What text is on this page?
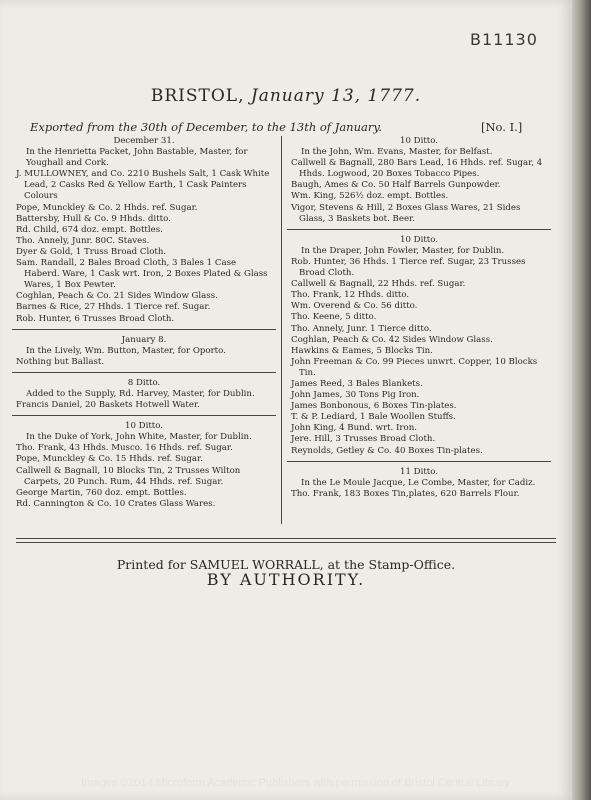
B11130
BRISTOL, January 13, 1777.
Exported from the 30th of December, to the 13th of January.	[No. I.]
December 31.
In the Henrietta Packet, John Bastable, Master, for Youghall and Cork.
J. MULLOWNEY, and Co. 2210 Bushels Salt, 1 Cask White Lead, 2 Casks Red & Yellow Earth, 1 Cask Painters Colours
Pope, Munckley & Co. 2 Hhds. ref. Sugar.
Battersby, Hull & Co. 9 Hhds. ditto.
Rd. Child, 674 doz. empt. Bottles.
Tho. Annely, Junr. 80C. Staves.
Dyer & Gold, 1 Truss Broad Cloth.
Sam. Randall, 2 Bales Broad Cloth, 3 Bales 1 Case Haberd. Ware, 1 Cask wrt. Iron, 2 Boxes Plated & Glass Wares, 1 Box Pewter.
Coghlan, Peach & Co. 21 Sides Window Glass.
Barnes & Rice, 27 Hhds. 1 Tierce ref. Sugar.
Rob. Hunter, 6 Trusses Broad Cloth.
January 8.
In the Lively, Wm. Button, Master, for Oporto.
Nothing but Ballast.
8 Ditto.
Added to the Supply, Rd. Harvey, Master, for Dublin.
Francis Daniel, 20 Baskets Hotwell Water.
10 Ditto.
In the Duke of York, John White, Master, for Dublin.
Tho. Frank, 43 Hhds. Musco. 16 Hhds. ref. Sugar.
Pope, Munckley & Co. 15 Hhds. ref. Sugar.
Callwell & Bagnall, 10 Blocks Tin, 2 Trusses Wilton Carpets, 20 Punch. Rum, 44 Hhds. ref. Sugar.
George Martin, 760 doz. empt. Bottles.
Rd. Cannington & Co. 10 Crates Glass Wares.
10 Ditto.
In the John, Wm. Evans, Master, for Belfast.
Callwell & Bagnall, 280 Bars Lead, 16 Hhds. ref. Sugar, 4 Hhds. Logwood, 20 Boxes Tobacco Pipes.
Baugh, Ames & Co. 50 Half Barrels Gunpowder.
Wm. King, 526½ doz. empt. Bottles.
Vigor, Stevens & Hill, 2 Boxes Glass Wares, 21 Sides Glass, 3 Baskets bot. Beer.
10 Ditto.
In the Draper, John Fowler, Master, for Dublin.
Rob. Hunter, 36 Hhds. 1 Tierce ref. Sugar, 23 Trusses Broad Cloth.
Callwell & Bagnall, 22 Hhds. ref. Sugar.
Tho. Frank, 12 Hhds. ditto.
Wm. Overend & Co. 56 ditto.
Tho. Keene, 5 ditto.
Tho. Annely, Junr. 1 Tierce ditto.
Coghlan, Peach & Co. 42 Sides Window Glass.
Hawkins & Eames, 5 Blocks Tin.
John Freeman & Co. 99 Pieces unwrt. Copper, 10 Blocks Tin.
James Reed, 3 Bales Blankets.
John James, 30 Tons Pig Iron.
James Bonbonous, 6 Boxes Tin-plates.
T. & P. Lediard, 1 Bale Woollen Stuffs.
John King, 4 Bund. wrt. Iron.
Jere. Hill, 3 Trusses Broad Cloth.
Reynolds, Getley & Co. 40 Boxes Tin-plates.
11 Ditto.
In the Le Moule Jacque, Le Combe, Master, for Cadiz.
Tho. Frank, 183 Boxes Tin,plates, 620 Barrels Flour.
Printed for SAMUEL WORRALL, at the Stamp-Office.
BY AUTHORITY.
Images ©2014 Microform Academic Publishers with permission of Bristol Central Library
